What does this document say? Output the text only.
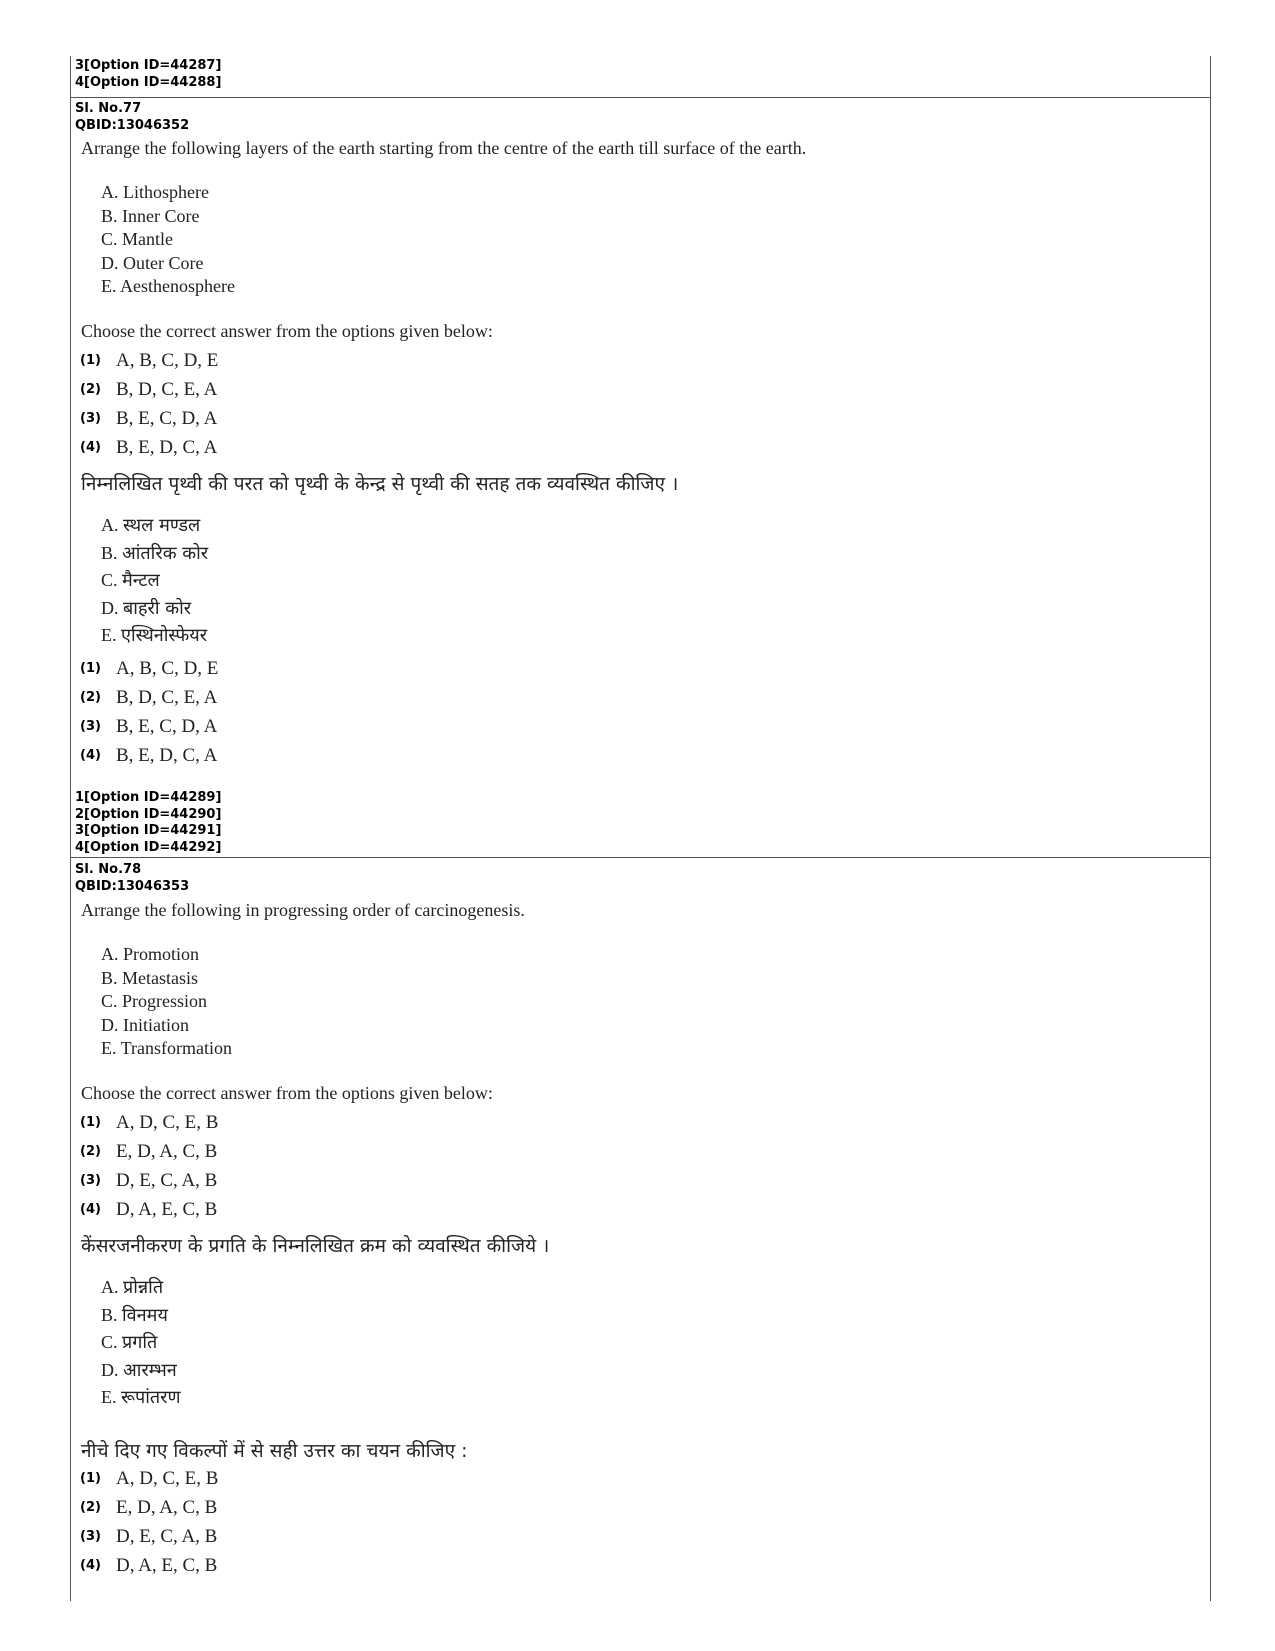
3[Option ID=44287]
4[Option ID=44288]
Sl. No.77
QBID:13046352
Arrange the following layers of the earth starting from the centre of the earth till surface of the earth.
A. Lithosphere
B. Inner Core
C. Mantle
D. Outer Core
E. Aesthenosphere
Choose the correct answer from the options given below:
(1) A, B, C, D, E
(2) B, D, C, E, A
(3) B, E, C, D, A
(4) B, E, D, C, A
निम्नलिखित पृथ्वी की परत को पृथ्वी के केन्द्र से पृथ्वी की सतह तक व्यवस्थित कीजिए ।
A. स्थल मण्डल
B. आंतरिक कोर
C. मैन्टल
D. बाहरी कोर
E. एस्थिनोस्फेयर
(1) A, B, C, D, E
(2) B, D, C, E, A
(3) B, E, C, D, A
(4) B, E, D, C, A
1[Option ID=44289]
2[Option ID=44290]
3[Option ID=44291]
4[Option ID=44292]
Sl. No.78
QBID:13046353
Arrange the following in progressing order of carcinogenesis.
A. Promotion
B. Metastasis
C. Progression
D. Initiation
E. Transformation
Choose the correct answer from the options given below:
(1) A, D, C, E, B
(2) E, D, A, C, B
(3) D, E, C, A, B
(4) D, A, E, C, B
केंसरजनीकरण के प्रगति के निम्नलिखित क्रम को व्यवस्थित कीजिये ।
A. प्रोन्नति
B. विनमय
C. प्रगति
D. आरम्भन
E. रूपांतरण
नीचे दिए गए विकल्पों में से सही उत्तर का चयन कीजिए :
(1) A, D, C, E, B
(2) E, D, A, C, B
(3) D, E, C, A, B
(4) D, A, E, C, B
